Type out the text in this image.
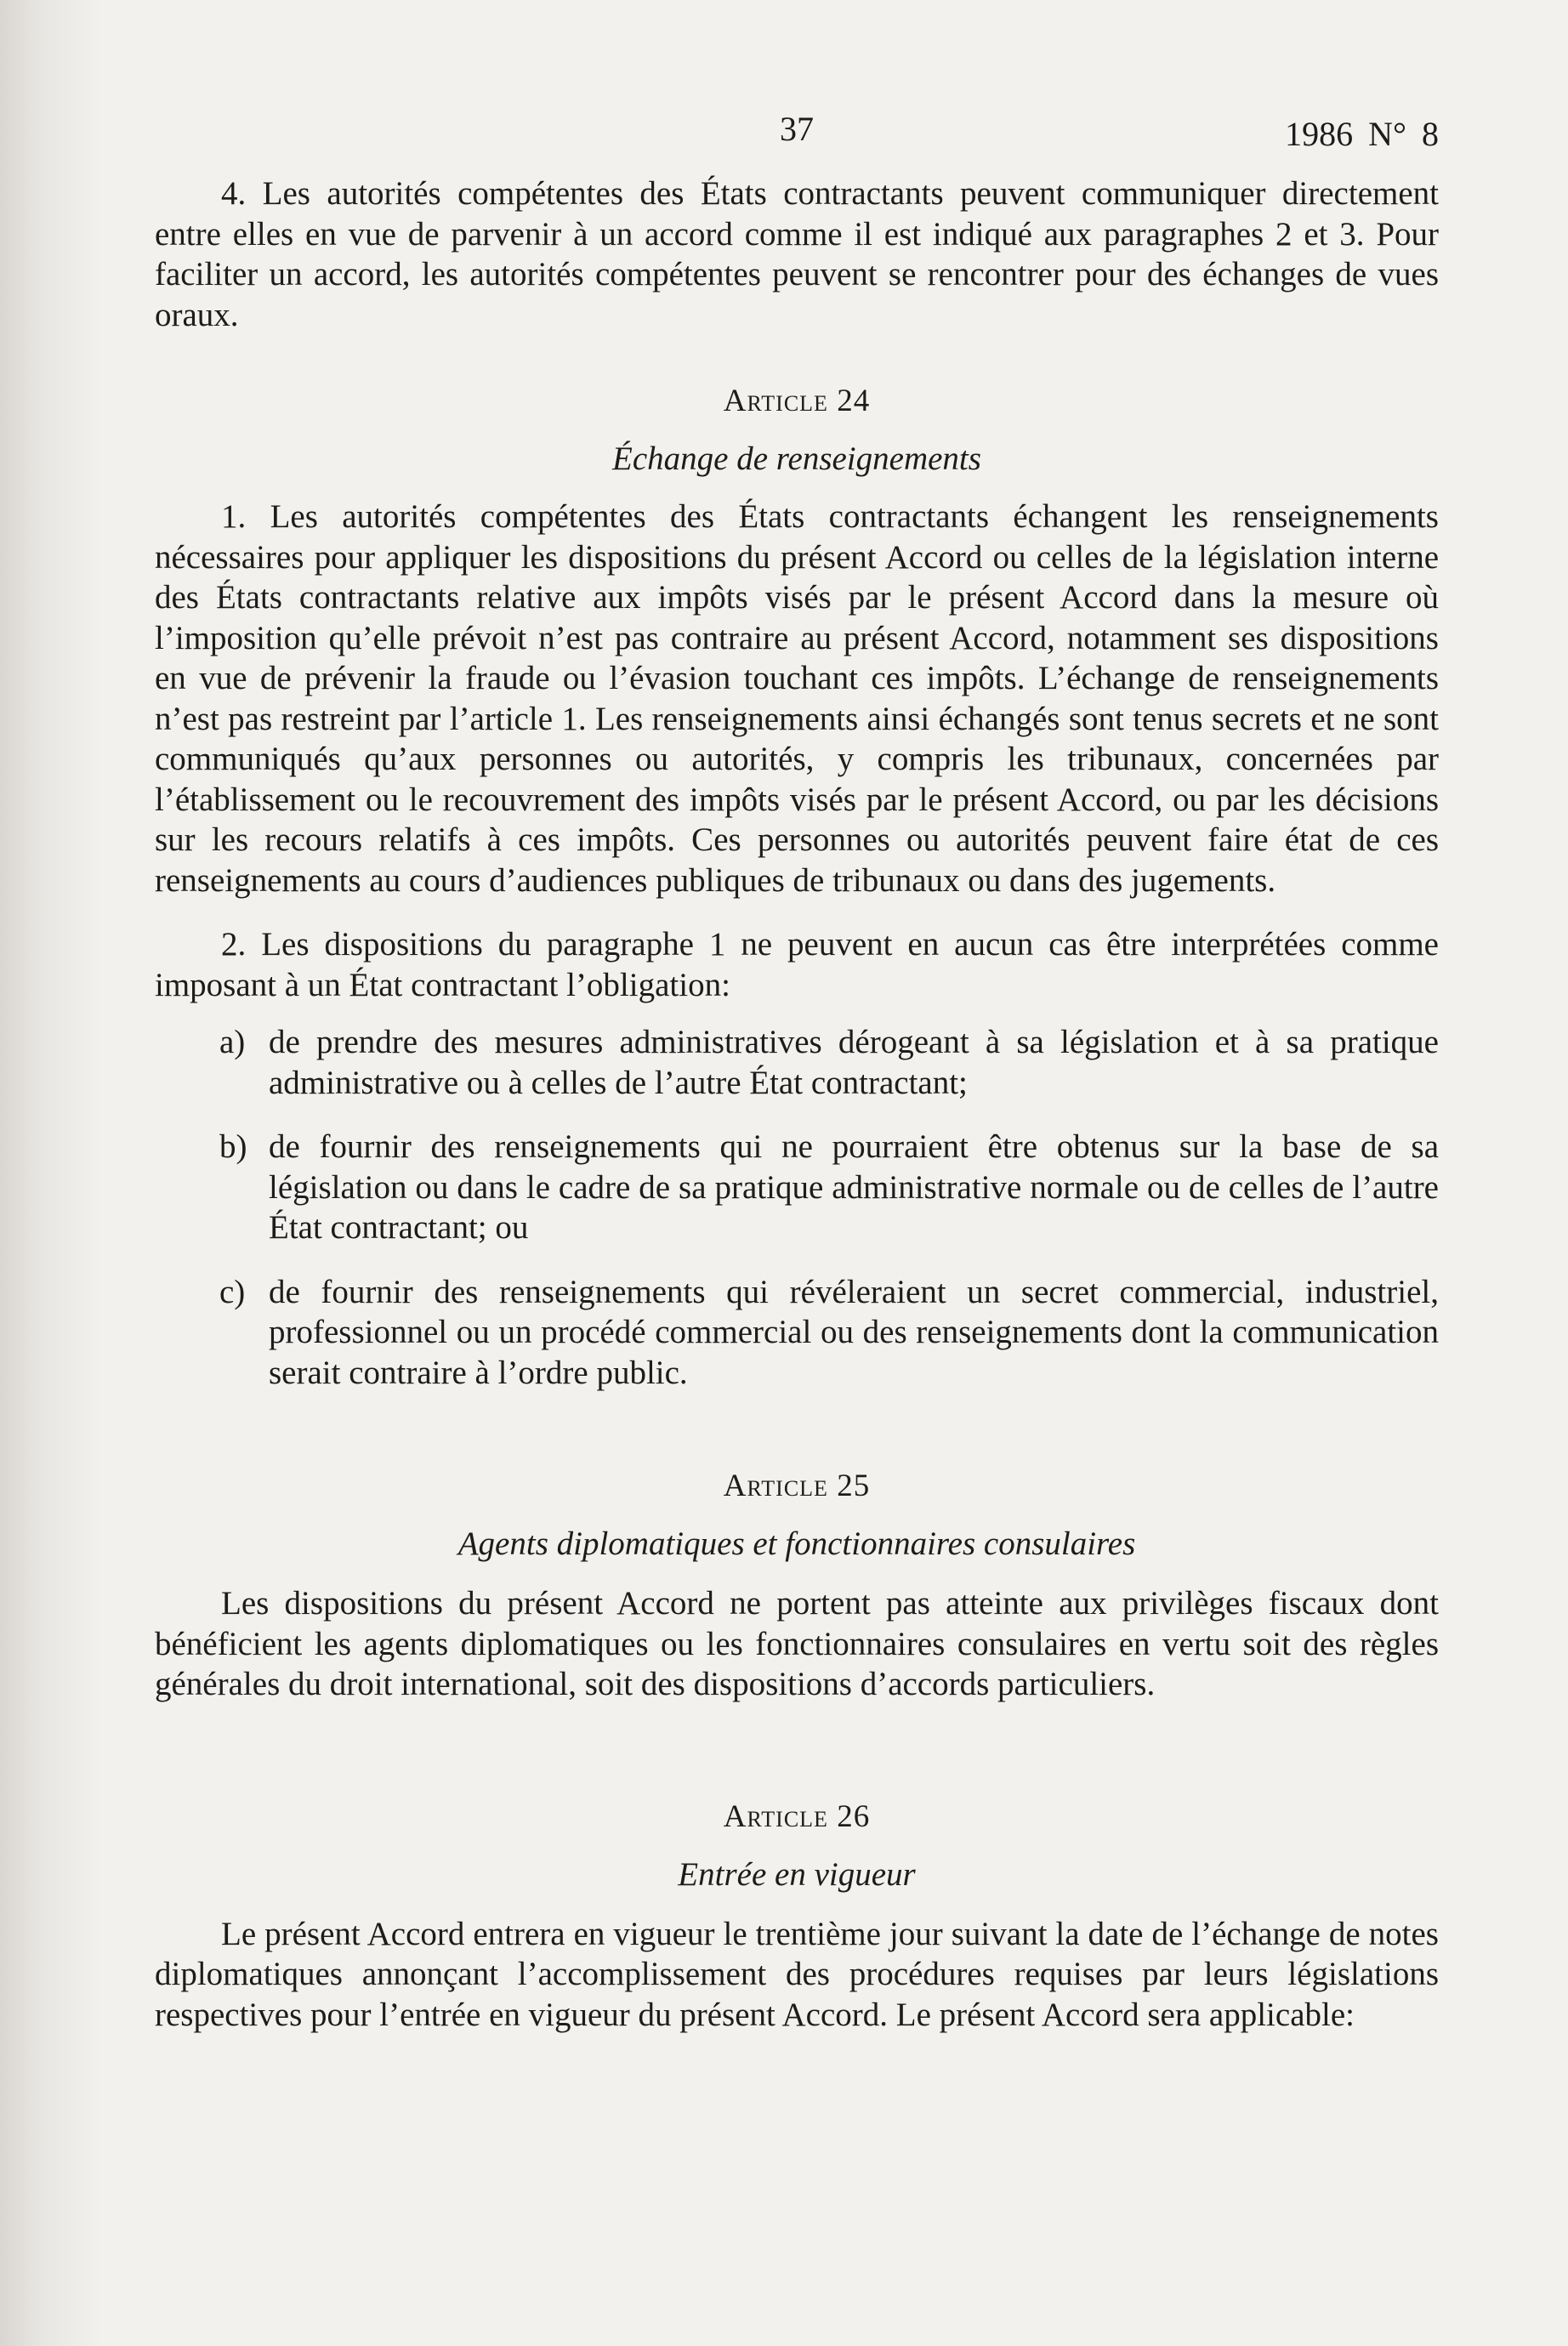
37	1986 N° 8

4. Les autorités compétentes des États contractants peuvent communiquer directement entre elles en vue de parvenir à un accord comme il est indiqué aux paragraphes 2 et 3. Pour faciliter un accord, les autorités compétentes peuvent se rencontrer pour des échanges de vues oraux.

Article 24
Échange de renseignements

1. Les autorités compétentes des États contractants échangent les renseignements nécessaires pour appliquer les dispositions du présent Accord ou celles de la législation interne des États contractants relative aux impôts visés par le présent Accord dans la mesure où l’imposition qu’elle prévoit n’est pas contraire au présent Accord, notamment ses dispositions en vue de prévenir la fraude ou l’évasion touchant ces impôts. L’échange de renseignements n’est pas restreint par l’article 1. Les renseignements ainsi échangés sont tenus secrets et ne sont communiqués qu’aux personnes ou autorités, y compris les tribunaux, concernées par l’établissement ou le recouvrement des impôts visés par le présent Accord, ou par les décisions sur les recours relatifs à ces impôts. Ces personnes ou autorités peuvent faire état de ces renseignements au cours d’audiences publiques de tribunaux ou dans des jugements.

2. Les dispositions du paragraphe 1 ne peuvent en aucun cas être interprétées comme imposant à un État contractant l’obligation:

a) de prendre des mesures administratives dérogeant à sa législation et à sa pratique administrative ou à celles de l’autre État contractant;
b) de fournir des renseignements qui ne pourraient être obtenus sur la base de sa législation ou dans le cadre de sa pratique administrative normale ou de celles de l’autre État contractant; ou
c) de fournir des renseignements qui révéleraient un secret commercial, industriel, professionnel ou un procédé commercial ou des renseignements dont la communication serait contraire à l’ordre public.
Article 25
Agents diplomatiques et fonctionnaires consulaires

Les dispositions du présent Accord ne portent pas atteinte aux privilèges fiscaux dont bénéficient les agents diplomatiques ou les fonctionnaires consulaires en vertu soit des règles générales du droit international, soit des dispositions d’accords particuliers.

Article 26
Entrée en vigueur

Le présent Accord entrera en vigueur le trentième jour suivant la date de l’échange de notes diplomatiques annonçant l’accomplissement des procédures requises par leurs législations respectives pour l’entrée en vigueur du présent Accord. Le présent Accord sera applicable:
